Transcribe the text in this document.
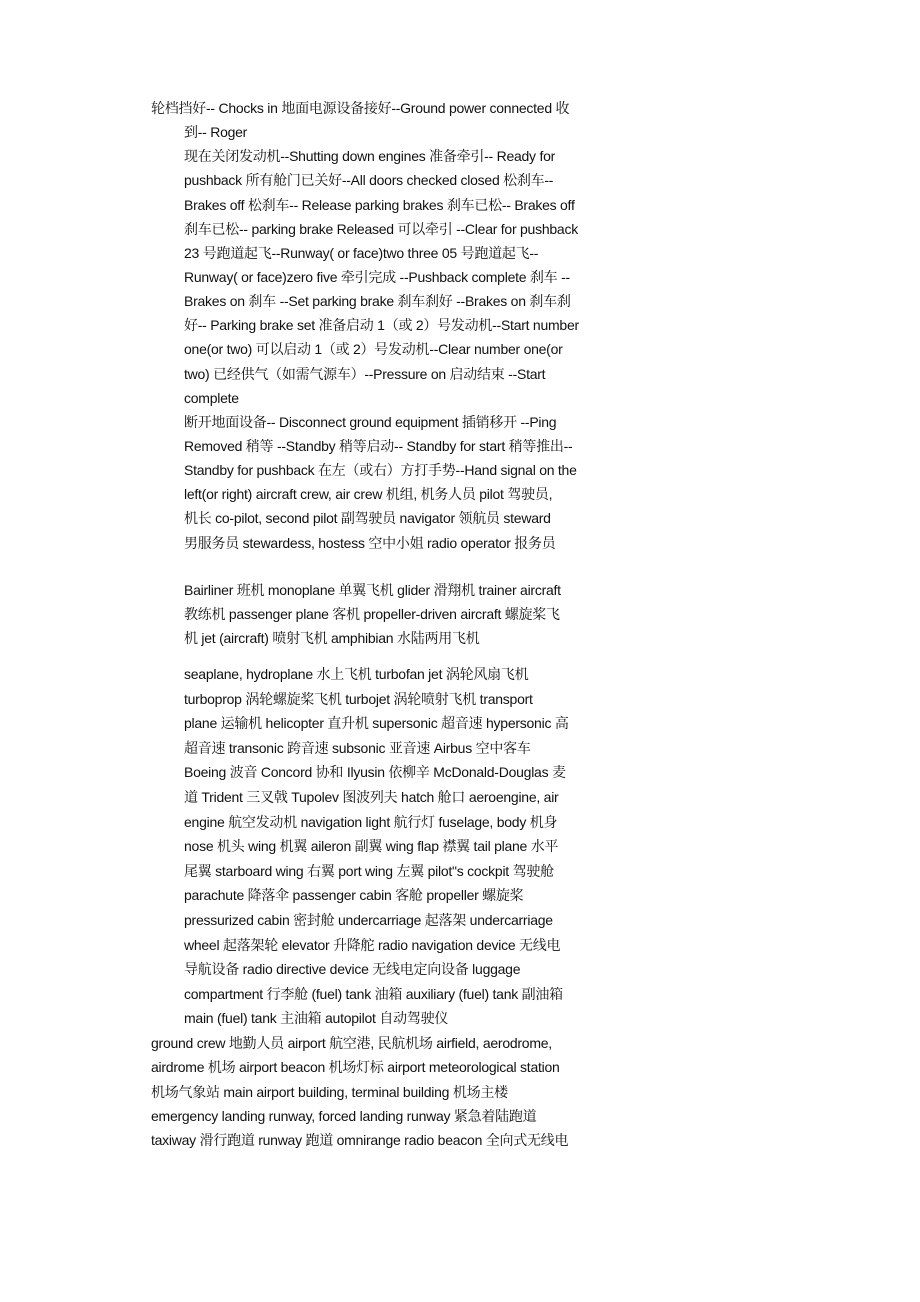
轮档挡好-- Chocks in 地面电源设备接好--Ground power connected 收
到-- Roger
现在关闭发动机--Shutting down engines 准备牵引-- Ready for
pushback 所有舱门已关好--All doors checked closed 松刹车--
Brakes off 松刹车-- Release parking brakes 刹车已松-- Brakes off
刹车已松-- parking brake Released 可以牵引 --Clear for pushback
23 号跑道起飞--Runway( or face)two three 05 号跑道起飞--
Runway( or face)zero five 牵引完成 --Pushback complete 刹车 --
Brakes on 刹车 --Set parking brake 刹车刹好 --Brakes on 刹车刹
好-- Parking brake set 准备启动 1（或 2）号发动机--Start number
one(or two) 可以启动 1（或 2）号发动机--Clear number one(or
two) 已经供气（如需气源车）--Pressure on 启动结束 --Start
complete
断开地面设备-- Disconnect ground equipment 插销移开 --Ping
Removed 稍等 --Standby 稍等启动-- Standby for start 稍等推出--
Standby for pushback 在左（或右）方打手势--Hand signal on the
left(or right) aircraft crew, air crew 机组, 机务人员 pilot 驾驶员,
机长 co-pilot, second pilot 副驾驶员 navigator 领航员 steward
男服务员 stewardess, hostess 空中小姐 radio operator 报务员
Bairliner 班机 monoplane 单翼飞机 glider 滑翔机 trainer aircraft
教练机 passenger plane 客机 propeller-driven aircraft 螺旋桨飞
机 jet (aircraft) 喷射飞机 amphibian 水陆两用飞机
seaplane, hydroplane 水上飞机 turbofan jet 涡轮风扇飞机
turboprop 涡轮螺旋桨飞机 turbojet 涡轮喷射飞机 transport
plane 运输机 helicopter 直升机 supersonic 超音速 hypersonic 高
超音速 transonic 跨音速 subsonic 亚音速 Airbus 空中客车
Boeing 波音 Concord 协和 Ilyusin 依柳辛 McDonald-Douglas 麦
道 Trident 三叉戟 Tupolev 图波列夫 hatch 舱口 aeroengine, air
engine 航空发动机 navigation light 航行灯 fuselage, body 机身
nose 机头 wing 机翼 aileron 副翼 wing flap 襟翼 tail plane 水平
尾翼 starboard wing 右翼 port wing 左翼 pilot"s cockpit 驾驶舱
parachute 降落伞 passenger cabin 客舱 propeller 螺旋桨
pressurized cabin 密封舱 undercarriage 起落架 undercarriage
wheel 起落架轮 elevator 升降舵 radio navigation device 无线电
导航设备 radio directive device 无线电定向设备 luggage
compartment 行李舱 (fuel) tank 油箱 auxiliary (fuel) tank 副油箱
main (fuel) tank 主油箱 autopilot 自动驾驶仪
ground crew 地勤人员 airport 航空港, 民航机场 airfield, aerodrome,
airdrome 机场 airport beacon 机场灯标 airport meteorological station
机场气象站 main airport building, terminal building 机场主楼
emergency landing runway, forced landing runway 紧急着陆跑道
taxiway 滑行跑道 runway 跑道 omnirange radio beacon 全向式无线电
